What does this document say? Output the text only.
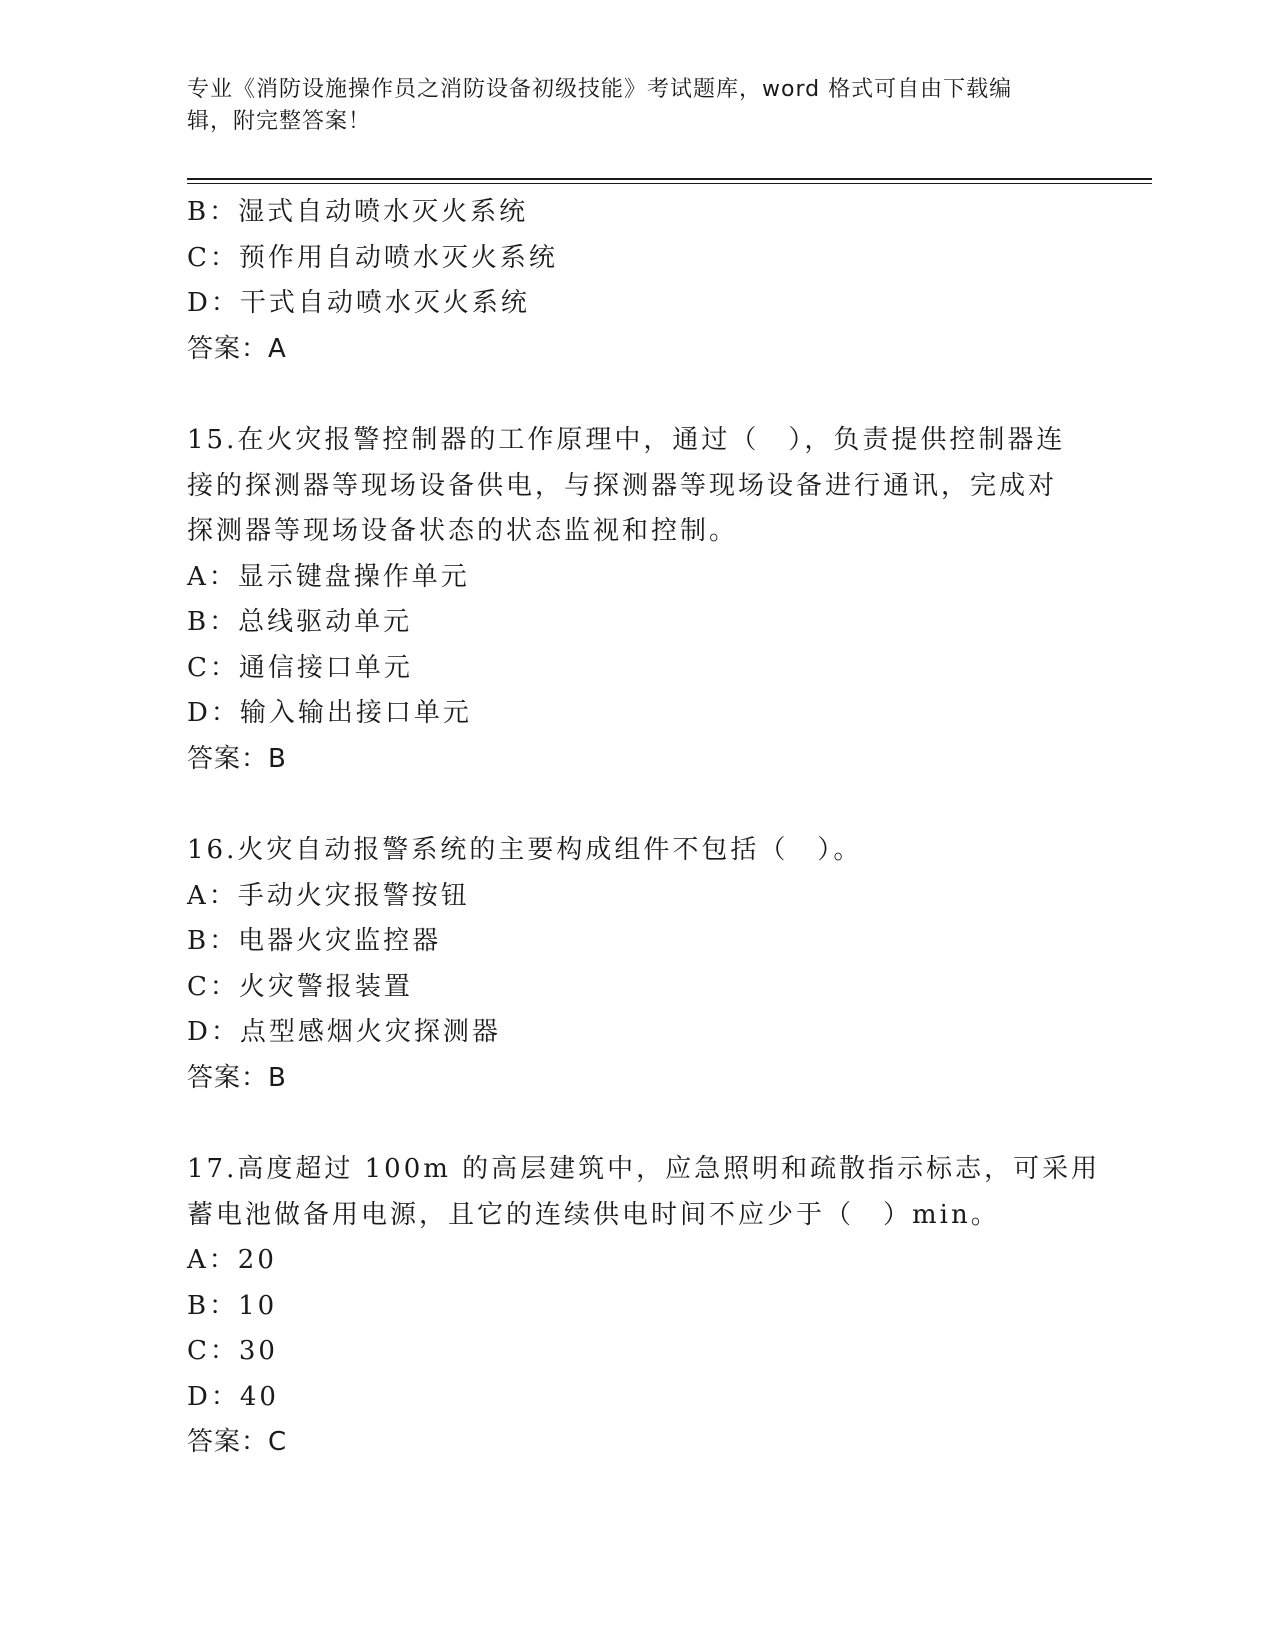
专业《消防设施操作员之消防设备初级技能》考试题库，word 格式可自由下载编
辑，附完整答案！
B：湿式自动喷水灭火系统
C：预作用自动喷水灭火系统
D：干式自动喷水灭火系统
答案：A
15.在火灾报警控制器的工作原理中，通过（　），负责提供控制器连
接的探测器等现场设备供电，与探测器等现场设备进行通讯，完成对
探测器等现场设备状态的状态监视和控制。
A：显示键盘操作单元
B：总线驱动单元
C：通信接口单元
D：输入输出接口单元
答案：B
16.火灾自动报警系统的主要构成组件不包括（　）。
A：手动火灾报警按钮
B：电器火灾监控器
C：火灾警报装置
D：点型感烟火灾探测器
答案：B
17.高度超过 100m 的高层建筑中，应急照明和疏散指示标志，可采用
蓄电池做备用电源，且它的连续供电时间不应少于（　）min。
A：20
B：10
C：30
D：40
答案：C
